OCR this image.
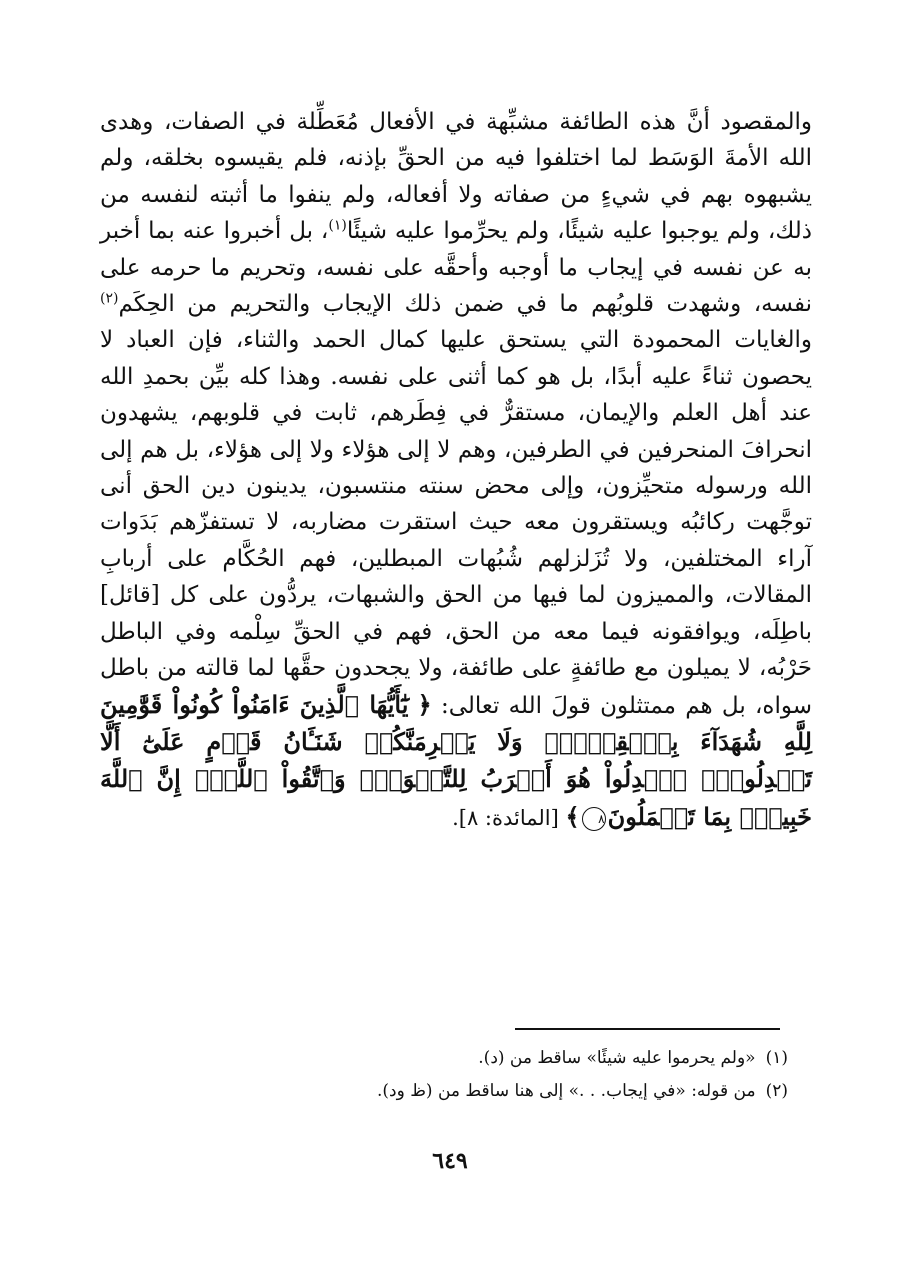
والمقصود أنَّ هذه الطائفة مشبِّهة في الأفعال مُعَطِّلة في الصفات، وهدى الله الأمةَ الوَسَط لما اختلفوا فيه من الحقِّ بإذنه، فلم يقيسوه بخلقه، ولم يشبهوه بهم في شيءٍ من صفاته ولا أفعاله، ولم ينفوا ما أثبته لنفسه من ذلك، ولم يوجبوا عليه شيئًا، ولم يحرِّموا عليه شيئًا$^{(١)}$، بل أخبروا عنه بما أخبر به عن نفسه في إيجاب ما أوجبه وأحقَّه على نفسه، وتحريم ما حرمه على نفسه، وشهدت قلوبُهم ما في ضمن ذلك الإيجاب والتحريم من الحِكَم$^{(٢)}$ والغايات المحمودة التي يستحق عليها كمال الحمد والثناء، فإن العباد لا يحصون ثناءً عليه أبدًا، بل هو كما أثنى على نفسه. وهذا كله بيِّن بحمدِ الله عند أهل العلم والإيمان، مستقرٌّ في فِطَرهم، ثابت في قلوبهم، يشهدون انحرافَ المنحرفين في الطرفين، وهم لا إلى هؤلاء ولا إلى هؤلاء، بل هم إلى الله ورسوله متحيِّزون، وإلى محض سنته منتسبون، يدينون دين الحق أنى توجَّهت ركائبُه ويستقرون معه حيث استقرت مضاربه، لا تستفزّهم بَدَوات آراء المختلفين، ولا تُزَلزلهم شُبُهات المبطلين، فهم الحُكَّام على أربابِ المقالات، والمميزون لما فيها من الحق والشبهات، يردُّون على كل [قائل] باطِلَه، ويوافقونه فيما معه من الحق، فهم في الحقِّ سِلْمه وفي الباطل حَرْبُه، لا يميلون مع طائفةٍ على طائفة، ولا يجحدون حقَّها لما قالته من باطل سواه، بل هم ممتثلون قولَ الله تعالى: ﴿ يَٰٓأَيُّهَا ٱلَّذِينَ ءَامَنُواْ كُونُواْ قَوَّٰمِينَ لِلَّهِ شُهَدَآءَ بِٱلۡقِسۡطِۖ وَلَا يَجۡرِمَنَّكُمۡ شَنَـَٔانُ قَوۡمٍ عَلَىٰٓ أَلَّا تَعۡدِلُواْۚ ٱعۡدِلُواْ هُوَ أَقۡرَبُ لِلتَّقۡوَىٰۖ وَٱتَّقُواْ ٱللَّهَۚ إِنَّ ٱللَّهَ خَبِيرُۢ بِمَا تَعۡمَلُونَ٨﴾ [المائدة: ٨].
(١)«ولم يحرموا عليه شيئًا» ساقط من (د).
(٢)من قوله: «في إيجاب. . .» إلى هنا ساقط من (ظ ود).
٦٤٩
